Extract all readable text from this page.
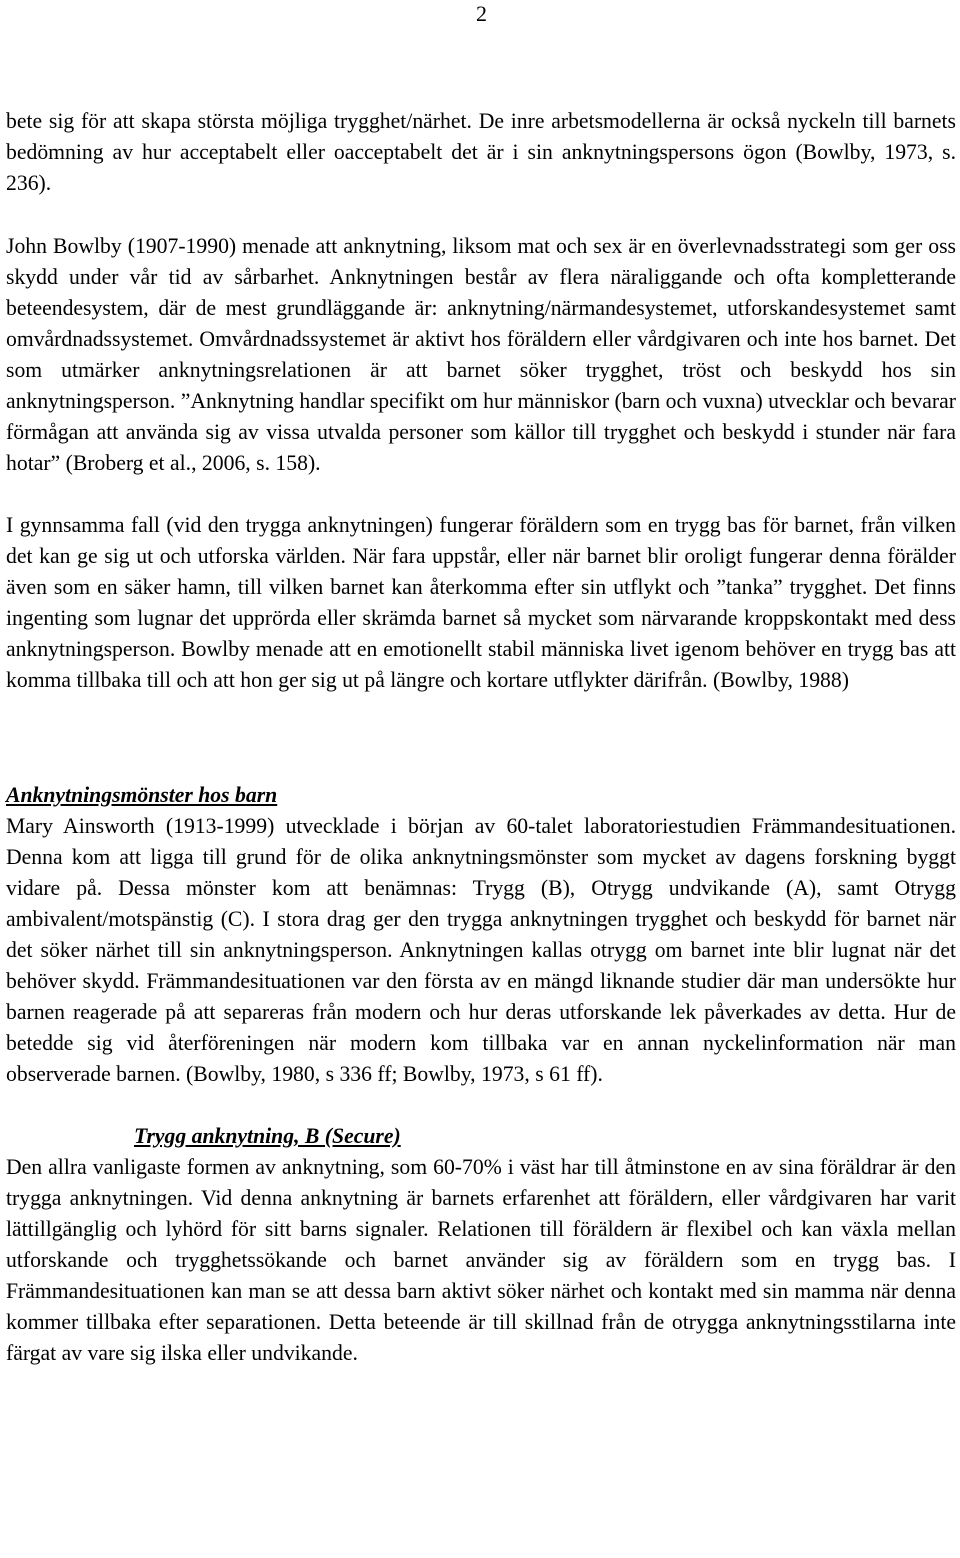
2

bete sig för att skapa största möjliga trygghet/närhet. De inre arbetsmodellerna är också nyckeln till barnets bedömning av hur acceptabelt eller oacceptabelt det är i sin anknytningspersons ögon (Bowlby, 1973, s. 236).

John Bowlby (1907-1990) menade att anknytning, liksom mat och sex är en överlevnadsstrategi som ger oss skydd under vår tid av sårbarhet. Anknytningen består av flera näraliggande och ofta kompletterande beteendesystem, där de mest grundläggande är: anknytning/närmandesystemet, utforskandesystemet samt omvårdnadssystemet. Omvårdnadssystemet är aktivt hos föräldern eller vårdgivaren och inte hos barnet. Det som utmärker anknytningsrelationen är att barnet söker trygghet, tröst och beskydd hos sin anknytningsperson. ”Anknytning handlar specifikt om hur människor (barn och vuxna) utvecklar och bevarar förmågan att använda sig av vissa utvalda personer som källor till trygghet och beskydd i stunder när fara hotar” (Broberg et al., 2006, s. 158).

I gynnsamma fall (vid den trygga anknytningen) fungerar föräldern som en trygg bas för barnet, från vilken det kan ge sig ut och utforska världen. När fara uppstår, eller när barnet blir oroligt fungerar denna förälder även som en säker hamn, till vilken barnet kan återkomma efter sin utflykt och ”tanka” trygghet. Det finns ingenting som lugnar det upprörda eller skrämda barnet så mycket som närvarande kroppskontakt med dess anknytningsperson. Bowlby menade att en emotionellt stabil människa livet igenom behöver en trygg bas att komma tillbaka till och att hon ger sig ut på längre och kortare utflykter därifrån. (Bowlby, 1988)

Anknytningsmönster hos barn

Mary Ainsworth (1913-1999) utvecklade i början av 60-talet laboratoriestudien Främmandesituationen. Denna kom att ligga till grund för de olika anknytningsmönster som mycket av dagens forskning byggt vidare på. Dessa mönster kom att benämnas: Trygg (B), Otrygg undvikande (A), samt Otrygg ambivalent/motspänstig (C). I stora drag ger den trygga anknytningen trygghet och beskydd för barnet när det söker närhet till sin anknytningsperson. Anknytningen kallas otrygg om barnet inte blir lugnat när det behöver skydd. Främmandesituationen var den första av en mängd liknande studier där man undersökte hur barnen reagerade på att separeras från modern och hur deras utforskande lek påverkades av detta. Hur de betedde sig vid återföreningen när modern kom tillbaka var en annan nyckelinformation när man observerade barnen. (Bowlby, 1980, s 336 ff; Bowlby, 1973, s 61 ff).

Trygg anknytning, B (Secure)

Den allra vanligaste formen av anknytning, som 60-70% i väst har till åtminstone en av sina föräldrar är den trygga anknytningen. Vid denna anknytning är barnets erfarenhet att föräldern, eller vårdgivaren har varit lättillgänglig och lyhörd för sitt barns signaler. Relationen till föräldern är flexibel och kan växla mellan utforskande och trygghetssökande och barnet använder sig av föräldern som en trygg bas. I Främmandesituationen kan man se att dessa barn aktivt söker närhet och kontakt med sin mamma när denna kommer tillbaka efter separationen. Detta beteende är till skillnad från de otrygga anknytningsstilarna inte färgat av vare sig ilska eller undvikande.
